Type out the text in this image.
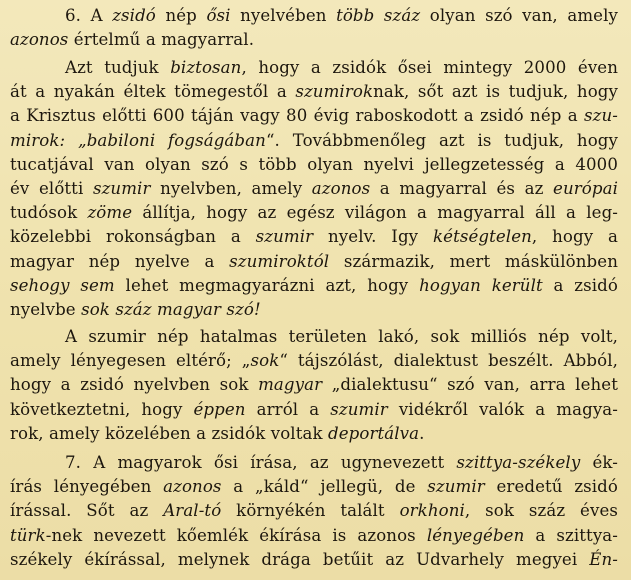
6. A zsidó nép ősi nyelvében több száz olyan szó van, amely
azonos értelmű a magyarral.
Azt tudjuk biztosan, hogy a zsidók ősei mintegy 2000 éven
át a nyakán éltek tömegestől a szumiroknak, sőt azt is tudjuk, hogy
a Krisztus előtti 600 táján vagy 80 évig raboskodott a zsidó nép a szu-
mirok: „babiloni fogságában“. Továbbmenőleg azt is tudjuk, hogy
tucatjával van olyan szó s több olyan nyelvi jellegzetesség a 4000
év előtti szumir nyelvben, amely azonos a magyarral és az európai
tudósok zöme állítja, hogy az egész világon a magyarral áll a leg-
közelebbi rokonságban a szumir nyelv. Igy kétségtelen, hogy a
magyar nép nyelve a szumiroktól származik, mert máskülönben
sehogy sem lehet megmagyarázni azt, hogy hogyan került a zsidó
nyelvbe sok száz magyar szó!
A szumir nép hatalmas területen lakó, sok milliós nép volt,
amely lényegesen eltérő; „sok“ tájszólást, dialektust beszélt. Abból,
hogy a zsidó nyelvben sok magyar „dialektusu“ szó van, arra lehet
következtetni, hogy éppen arról a szumir vidékről valók a magya-
rok, amely közelében a zsidók voltak deportálva.
7. A magyarok ősi írása, az ugynevezett szittya-székely ék-
írás lényegében azonos a „káld“ jellegü, de szumir eredetű zsidó
írással. Sőt az Aral-tó környékén talált orkhoni, sok száz éves
türk-nek nevezett kőemlék ékírása is azonos lényegében a szittya-
székely ékírással, melynek drága betűit az Udvarhely megyei Én-
